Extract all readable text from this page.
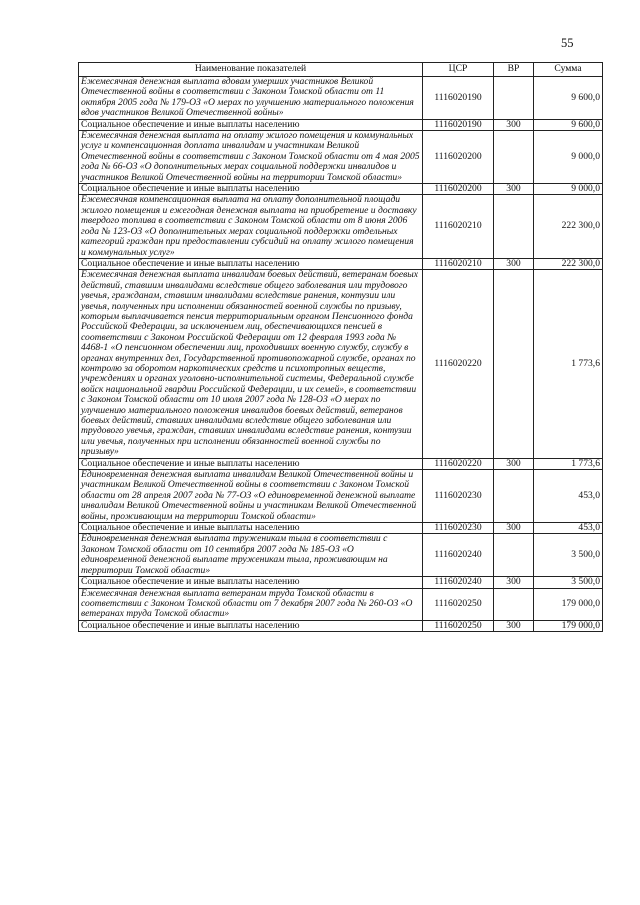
55
Наименование показателей	ЦСР	ВР	Сумма
Ежемесячная денежная выплата вдовам умерших участников Великой Отечественной войны в соответствии с Законом Томской области от 11 октября 2005 года № 179-ОЗ «О мерах по улучшению материального положения вдов участников Великой Отечественной войны»	1116020190		9 600,0
Социальное обеспечение и иные выплаты населению	1116020190	300	9 600,0
Ежемесячная денежная выплата на оплату жилого помещения и коммунальных услуг и компенсационная доплата инвалидам и участникам Великой Отечественной войны в соответствии с Законом Томской области от 4 мая 2005 года № 66-ОЗ «О дополнительных мерах социальной поддержки инвалидов и участников Великой Отечественной войны на территории Томской области»	1116020200		9 000,0
Социальное обеспечение и иные выплаты населению	1116020200	300	9 000,0
Ежемесячная компенсационная выплата на оплату дополнительной площади жилого помещения и ежегодная денежная выплата на приобретение и доставку твердого топлива в соответствии с Законом Томской области от 8 июня 2006 года № 123-ОЗ «О дополнительных мерах социальной поддержки отдельных категорий граждан при предоставлении субсидий на оплату жилого помещения и коммунальных услуг»	1116020210		222 300,0
Социальное обеспечение и иные выплаты населению	1116020210	300	222 300,0
Ежемесячная денежная выплата инвалидам боевых действий, ветеранам боевых действий, ставшим инвалидами вследствие общего заболевания или трудового увечья, гражданам, ставшим инвалидами вследствие ранения, контузии или увечья, полученных при исполнении обязанностей военной службы по призыву, которым выплачивается пенсия территориальным органом Пенсионного фонда Российской Федерации, за исключением лиц, обеспечивающихся пенсией в соответствии с Законом Российской Федерации от 12 февраля 1993 года № 4468-1 «О пенсионном обеспечении лиц, проходивших военную службу, службу в органах внутренних дел, Государственной противопожарной службе, органах по контролю за оборотом наркотических средств и психотропных веществ, учреждениях и органах уголовно-исполнительной системы, Федеральной службе войск национальной гвардии Российской Федерации, и их семей», в соответствии с Законом Томской области от 10 июля 2007 года № 128-ОЗ «О мерах по улучшению материального положения инвалидов боевых действий, ветеранов боевых действий, ставших инвалидами вследствие общего заболевания или трудового увечья, граждан, ставших инвалидами вследствие ранения, контузии или увечья, полученных при исполнении обязанностей военной службы по призыву»	1116020220		1 773,6
Социальное обеспечение и иные выплаты населению	1116020220	300	1 773,6
Единовременная денежная выплата инвалидам Великой Отечественной войны и участникам Великой Отечественной войны в соответствии с Законом Томской области от 28 апреля 2007 года № 77-ОЗ «О единовременной денежной выплате инвалидам Великой Отечественной войны и участникам Великой Отечественной войны, проживающим на территории Томской области»	1116020230		453,0
Социальное обеспечение и иные выплаты населению	1116020230	300	453,0
Единовременная денежная выплата труженикам тыла в соответствии с Законом Томской области от 10 сентября 2007 года № 185-ОЗ «О единовременной денежной выплате труженикам тыла, проживающим на территории Томской области»	1116020240		3 500,0
Социальное обеспечение и иные выплаты населению	1116020240	300	3 500,0
Ежемесячная денежная выплата ветеранам труда Томской области в соответствии с Законом Томской области от 7 декабря 2007 года № 260-ОЗ «О ветеранах труда Томской области»	1116020250		179 000,0
Социальное обеспечение и иные выплаты населению	1116020250	300	179 000,0
